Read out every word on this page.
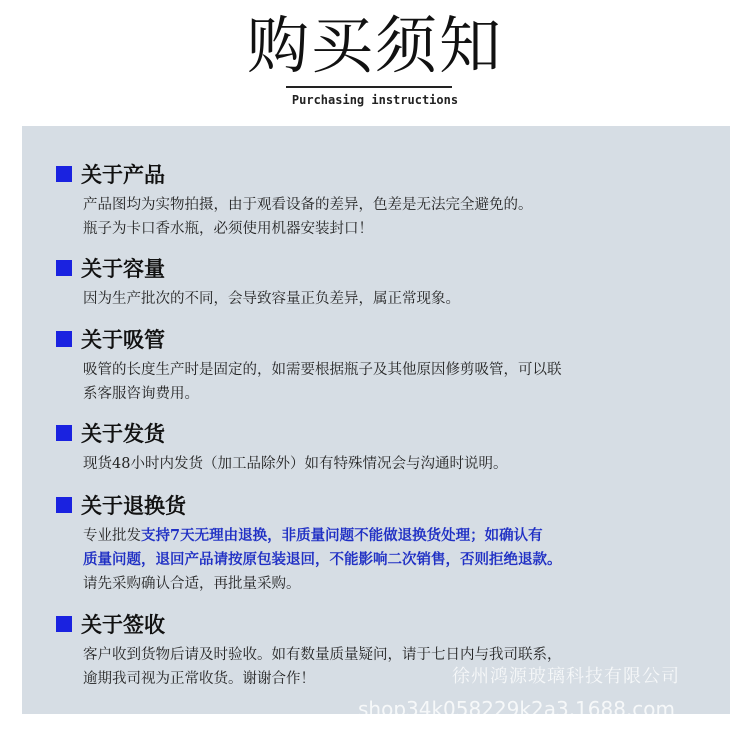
购买须知
Purchasing instructions
关于产品

产品图均为实物拍摄，由于观看设备的差异，色差是无法完全避免的。

瓶子为卡口香水瓶，必须使用机器安装封口！

关于容量

因为生产批次的不同，会导致容量正负差异，属正常现象。

关于吸管

吸管的长度生产时是固定的，如需要根据瓶子及其他原因修剪吸管，可以联

系客服咨询费用。

关于发货

现货48小时内发货（加工品除外）如有特殊情况会与沟通时说明。

关于退换货

专业批发支持7天无理由退换，非质量问题不能做退换货处理；如确认有

质量问题，退回产品请按原包装退回，不能影响二次销售，否则拒绝退款。

请先采购确认合适，再批量采购。

关于签收

客户收到货物后请及时验收。如有数量质量疑问，请于七日内与我司联系，

逾期我司视为正常收货。谢谢合作！	徐州鸿源玻璃科技有限公司
shop34k058229k2a3.1688.com
